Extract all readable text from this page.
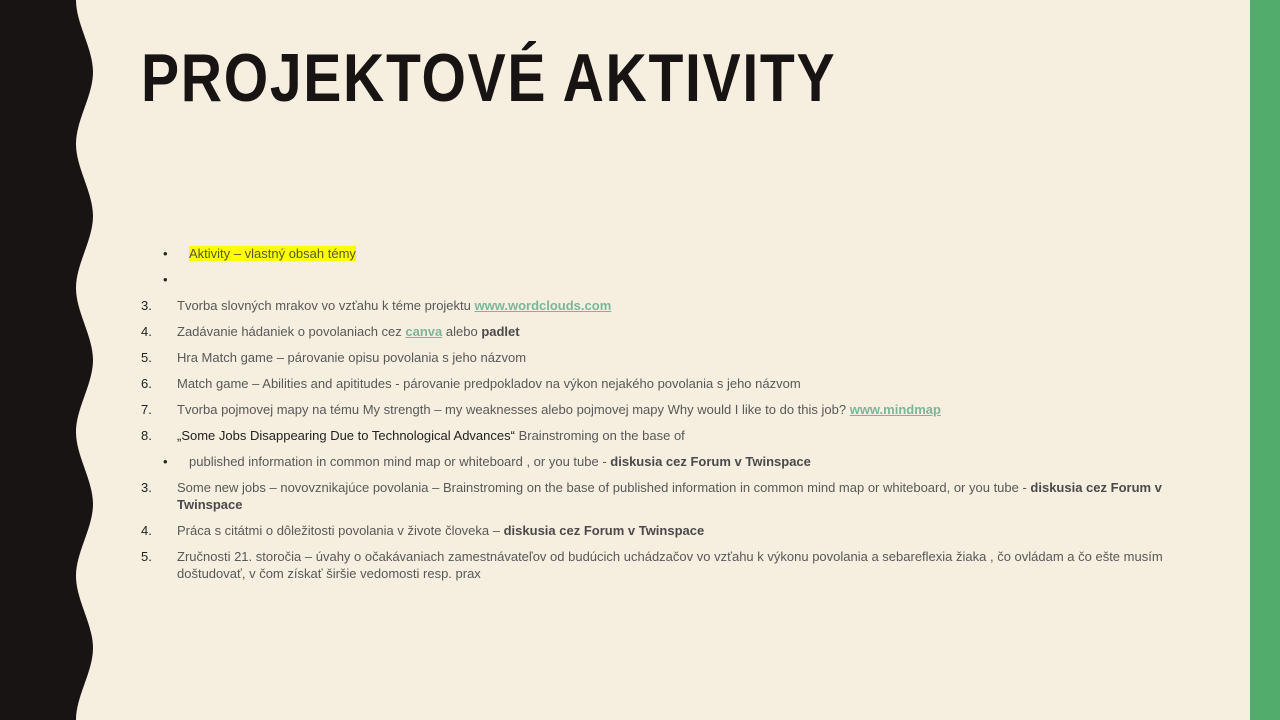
PROJEKTOVÉ AKTIVITY
• Aktivity – vlastný obsah témy
•
3. Tvorba slovných mrakov vo vzťahu k téme projektu www.wordclouds.com
4. Zadávanie hádaniek o povolaniach cez canva alebo padlet
5. Hra Match game – párovanie opisu povolania s jeho názvom
6. Match game – Abilities and apititudes - párovanie predpokladov na výkon nejakého povolania s jeho názvom
7. Tvorba pojmovej mapy na tému My strength – my weaknesses alebo pojmovej mapy Why would I like to do this job? www.mindmap
8. „Some Jobs Disappearing Due to Technological Advances“ Brainstroming on the base of
• published information in common mind map or whiteboard , or you tube - diskusia cez Forum v Twinspace
3. Some new jobs – novovznikajúce povolania – Brainstroming on the base of published information in common mind map or whiteboard, or you tube - diskusia cez Forum v Twinspace
4. Práca s citátmi o dôležitosti povolania v živote človeka – diskusia cez Forum v Twinspace
5. Zručnosti 21. storočia – úvahy o očakávaniach zamestnávateľov od budúcich uchádzačov vo vzťahu k výkonu povolania a sebareflexia žiaka , čo ovládam a čo ešte musím doštudovať, v čom získať širšie vedomosti resp. prax
